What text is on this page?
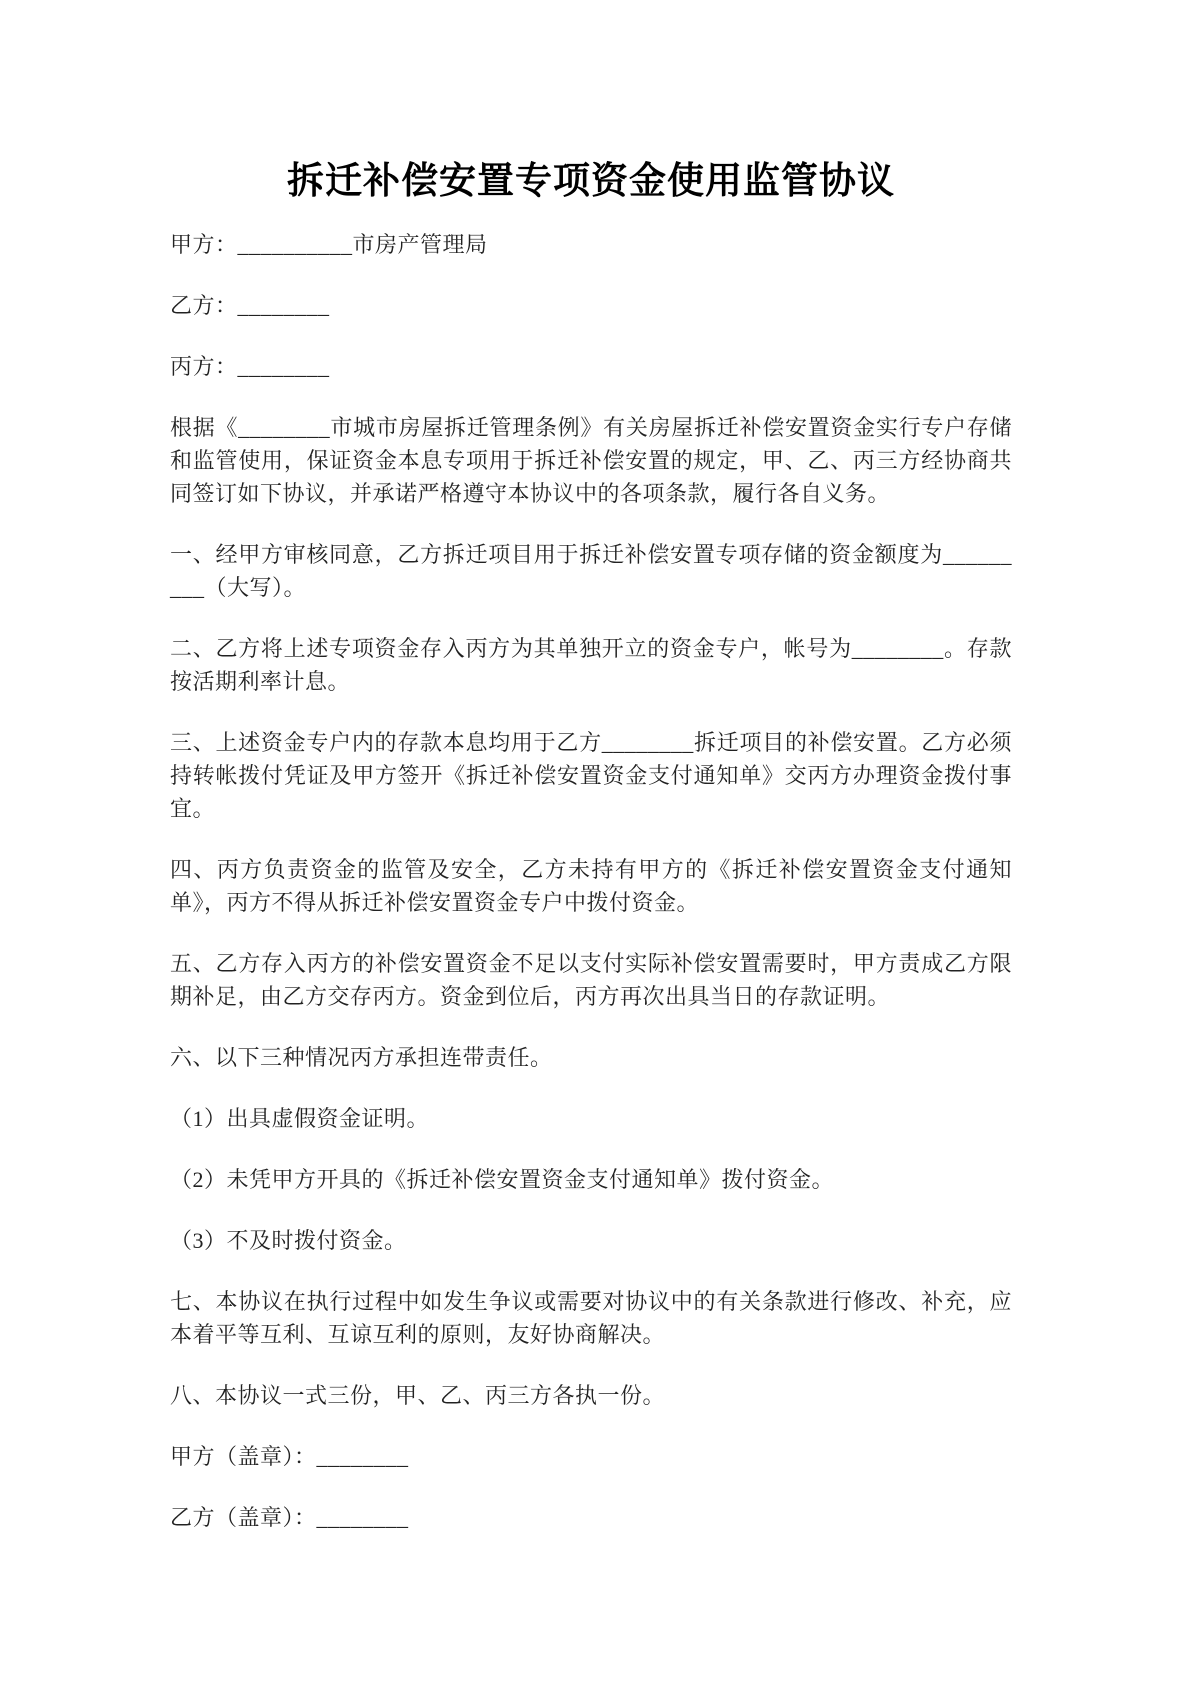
拆迁补偿安置专项资金使用监管协议

甲方：__________市房产管理局

乙方：________

丙方：________

根据《________市城市房屋拆迁管理条例》有关房屋拆迁补偿安置资金实行专户存储和监管使用，保证资金本息专项用于拆迁补偿安置的规定，甲、乙、丙三方经协商共同签订如下协议，并承诺严格遵守本协议中的各项条款，履行各自义务。

一、经甲方审核同意，乙方拆迁项目用于拆迁补偿安置专项存储的资金额度为_________（大写）。

二、乙方将上述专项资金存入丙方为其单独开立的资金专户，帐号为________。存款按活期利率计息。

三、上述资金专户内的存款本息均用于乙方________拆迁项目的补偿安置。乙方必须持转帐拨付凭证及甲方签开《拆迁补偿安置资金支付通知单》交丙方办理资金拨付事宜。

四、丙方负责资金的监管及安全，乙方未持有甲方的《拆迁补偿安置资金支付通知单》，丙方不得从拆迁补偿安置资金专户中拨付资金。

五、乙方存入丙方的补偿安置资金不足以支付实际补偿安置需要时，甲方责成乙方限期补足，由乙方交存丙方。资金到位后，丙方再次出具当日的存款证明。

六、以下三种情况丙方承担连带责任。

（1）出具虚假资金证明。

（2）未凭甲方开具的《拆迁补偿安置资金支付通知单》拨付资金。

（3）不及时拨付资金。

七、本协议在执行过程中如发生争议或需要对协议中的有关条款进行修改、补充，应本着平等互利、互谅互利的原则，友好协商解决。

八、本协议一式三份，甲、乙、丙三方各执一份。

甲方（盖章）：________

乙方（盖章）：________
